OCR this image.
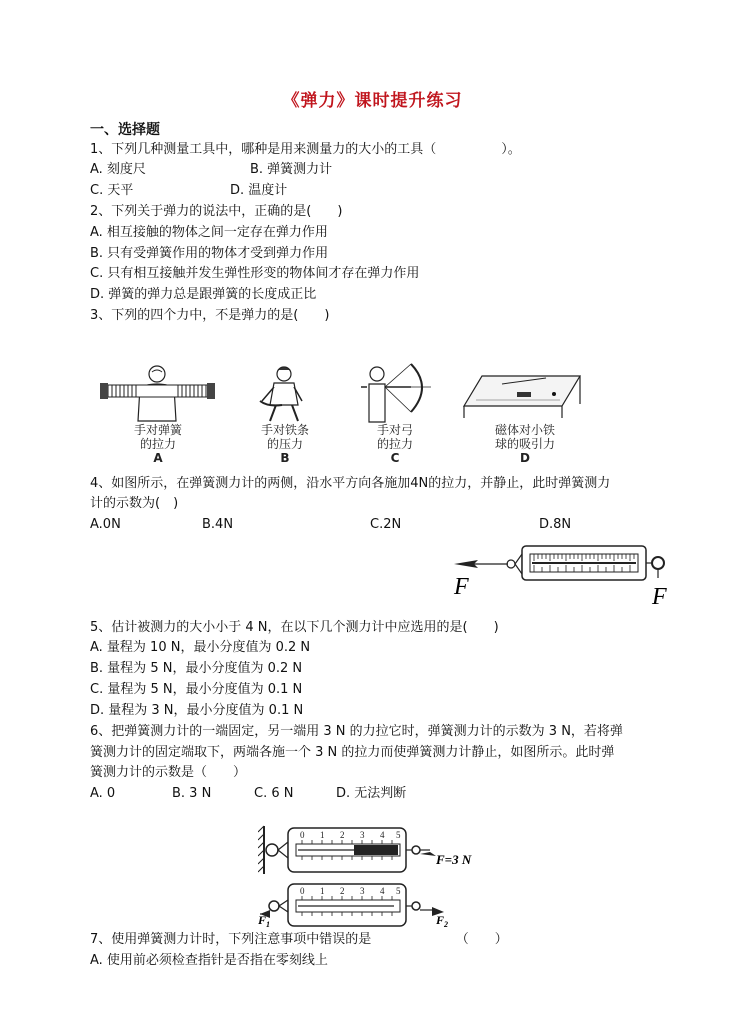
《弹力》课时提升练习

一、选择题

1、下列几种测量工具中，哪种是用来测量力的大小的工具（　　　　　）。

A. 刻度尺	B. 弹簧测力计
C. 天平	D. 温度计

2、下列关于弹力的说法中，正确的是(　　)

A. 相互接触的物体之间一定存在弹力作用

B. 只有受弹簧作用的物体才受到弹力作用

C. 只有相互接触并发生弹性形变的物体间才存在弹力作用

D. 弹簧的弹力总是跟弹簧的长度成正比

3、下列的四个力中，不是弹力的是(　　)

手对弹簧
的拉力
A
手对铁条
的压力
B
手对弓
的拉力
C
磁体对小铁
球的吸引力
D

4、如图所示，在弹簧测力计的两侧，沿水平方向各施加4N的拉力，并静止，此时弹簧测力

计的示数为(　)

A.0N	B.4N	C.2N	D.8N
F	F

5、估计被测力的大小小于 4 N，在以下几个测力计中应选用的是(　　)

A. 量程为 10 N，最小分度值为 0.2 N

B. 量程为 5 N，最小分度值为 0.2 N

C. 量程为 5 N，最小分度值为 0.1 N

D. 量程为 3 N，最小分度值为 0.1 N

6、把弹簧测力计的一端固定，另一端用 3 N 的力拉它时，弹簧测力计的示数为 3 N，若将弹

簧测力计的固定端取下，两端各施一个 3 N 的拉力而使弹簧测力计静止，如图所示。此时弹

簧测力计的示数是（　　）

A. 0	B. 3 N	C. 6 N	D. 无法判断
0 1 2 3 4 5
F=3 N
0 1 2 3 4 5
$F_1$	$F_2$

7、使用弹簧测力计时，下列注意事项中错误的是　　　　　　　（　　）

A. 使用前必须检查指针是否指在零刻线上
